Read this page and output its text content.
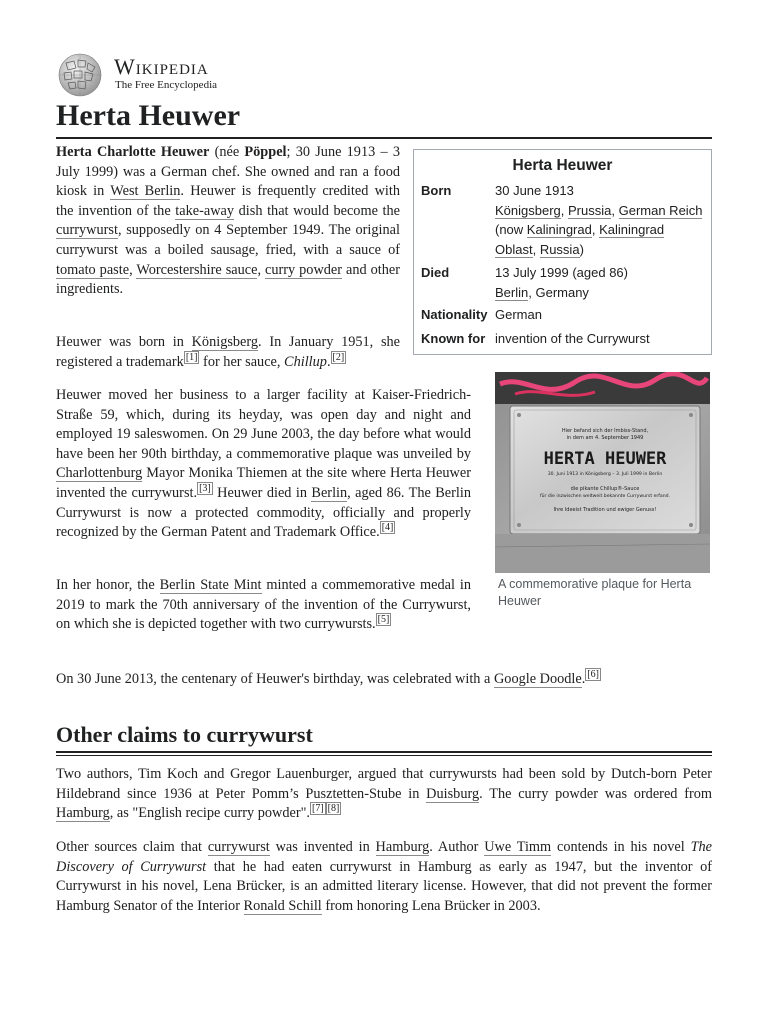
Wikipedia
The Free Encyclopedia
Herta Heuwer

Herta Charlotte Heuwer (née Pöppel; 30 June 1913 – 3 July 1999) was a German chef. She owned and ran a food kiosk in West Berlin. Heuwer is frequently credited with the invention of the take-away dish that would become the currywurst, supposedly on 4 September 1949. The original currywurst was a boiled sausage, fried, with a sauce of tomato paste, Worcestershire sauce, curry powder and other ingredients.

Heuwer was born in Königsberg. In January 1951, she registered a trademark [1] for her sauce, Chillup. [2]

Heuwer moved her business to a larger facility at Kaiser-Friedrich-Straße 59, which, during its heyday, was open day and night and employed 19 saleswomen. On 29 June 2003, the day before what would have been her 90th birthday, a commemorative plaque was unveiled by Charlottenburg Mayor Monika Thiemen at the site where Herta Heuwer invented the currywurst. [3] Heuwer died in Berlin, aged 86. The Berlin Currywurst is now a protected commodity, officially and properly recognized by the German Patent and Trademark Office. [4]

In her honor, the Berlin State Mint minted a commemorative medal in 2019 to mark the 70th anniversary of the invention of the Currywurst, on which she is depicted together with two currywursts. [5]

On 30 June 2013, the centenary of Heuwer's birthday, was celebrated with a Google Doodle. [6]

Other claims to currywurst

Two authors, Tim Koch and Gregor Lauenburger, argued that currywursts had been sold by Dutch-born Peter Hildebrand since 1936 at Peter Pomm’s Pusztetten-Stube in Duisburg. The curry powder was ordered from Hamburg, as "English recipe curry powder". [7] [8]

Other sources claim that currywurst was invented in Hamburg. Author Uwe Timm contends in his novel The Discovery of Currywurst that he had eaten currywurst in Hamburg as early as 1947, but the inventor of Currywurst in his novel, Lena Brücker, is an admitted literary license. However, that did not prevent the former Hamburg Senator of the Interior Ronald Schill from honoring Lena Brücker in 2003.

Herta Heuwer
Born	30 June 1913
Königsberg, Prussia, German Reich (now Kaliningrad, Kaliningrad Oblast, Russia)
Died	13 July 1999 (aged 86)
Berlin, Germany
Nationality German
Known for invention of the Currywurst
Hier befand sich der Imbiss-Stand,
in dem am 4. September 1949
HERTA HEUWER
30. Juni 1913 in Königsberg – 3. Juli 1999 in Berlin
die pikante Chillup®-Sauce
für die inzwischen weltweit bekannte Currywurst erfand.
Ihre Ideeist Tradition und ewiger Genuss!
A commemorative plaque for Herta Heuwer
